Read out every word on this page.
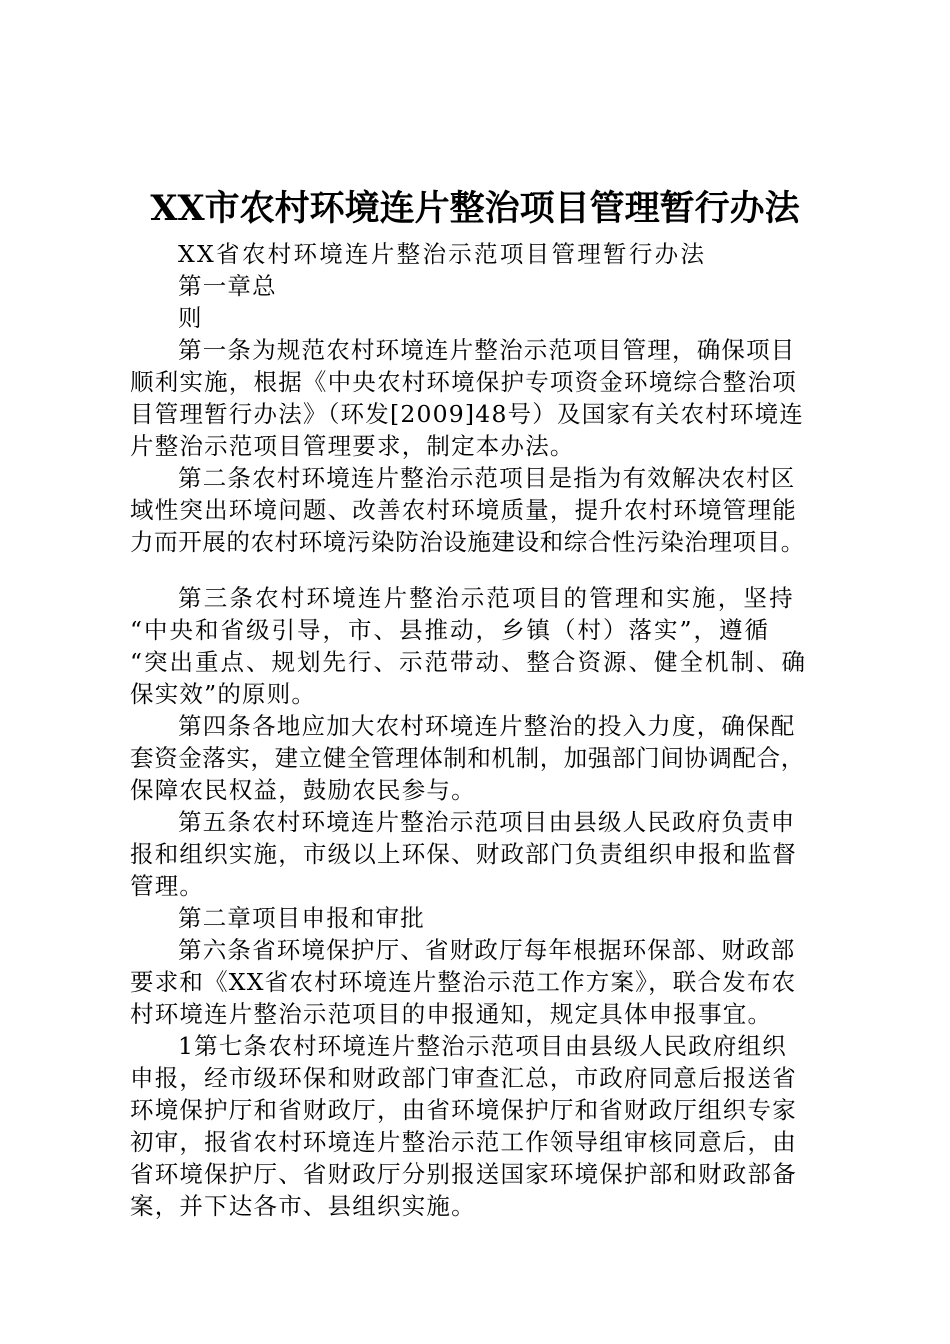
XX市农村环境连片整治项目管理暂行办法
XX省农村环境连片整治示范项目管理暂行办法
第一章总
则
第一条为规范农村环境连片整治示范项目管理，确保项目
顺利实施，根据《中央农村环境保护专项资金环境综合整治项
目管理暂行办法》（环发[2009]48号）及国家有关农村环境连
片整治示范项目管理要求，制定本办法。
第二条农村环境连片整治示范项目是指为有效解决农村区
域性突出环境问题、改善农村环境质量，提升农村环境管理能
力而开展的农村环境污染防治设施建设和综合性污染治理项目。
第三条农村环境连片整治示范项目的管理和实施，坚持
“中央和省级引导，市、县推动，乡镇（村）落实”，遵循
“突出重点、规划先行、示范带动、整合资源、健全机制、确
保实效”的原则。
第四条各地应加大农村环境连片整治的投入力度，确保配
套资金落实，建立健全管理体制和机制，加强部门间协调配合，
保障农民权益，鼓励农民参与。
第五条农村环境连片整治示范项目由县级人民政府负责申
报和组织实施，市级以上环保、财政部门负责组织申报和监督
管理。
第二章项目申报和审批
第六条省环境保护厅、省财政厅每年根据环保部、财政部
要求和《XX省农村环境连片整治示范工作方案》，联合发布农
村环境连片整治示范项目的申报通知，规定具体申报事宜。
1第七条农村环境连片整治示范项目由县级人民政府组织
申报，经市级环保和财政部门审查汇总，市政府同意后报送省
环境保护厅和省财政厅，由省环境保护厅和省财政厅组织专家
初审，报省农村环境连片整治示范工作领导组审核同意后，由
省环境保护厅、省财政厅分别报送国家环境保护部和财政部备
案，并下达各市、县组织实施。
